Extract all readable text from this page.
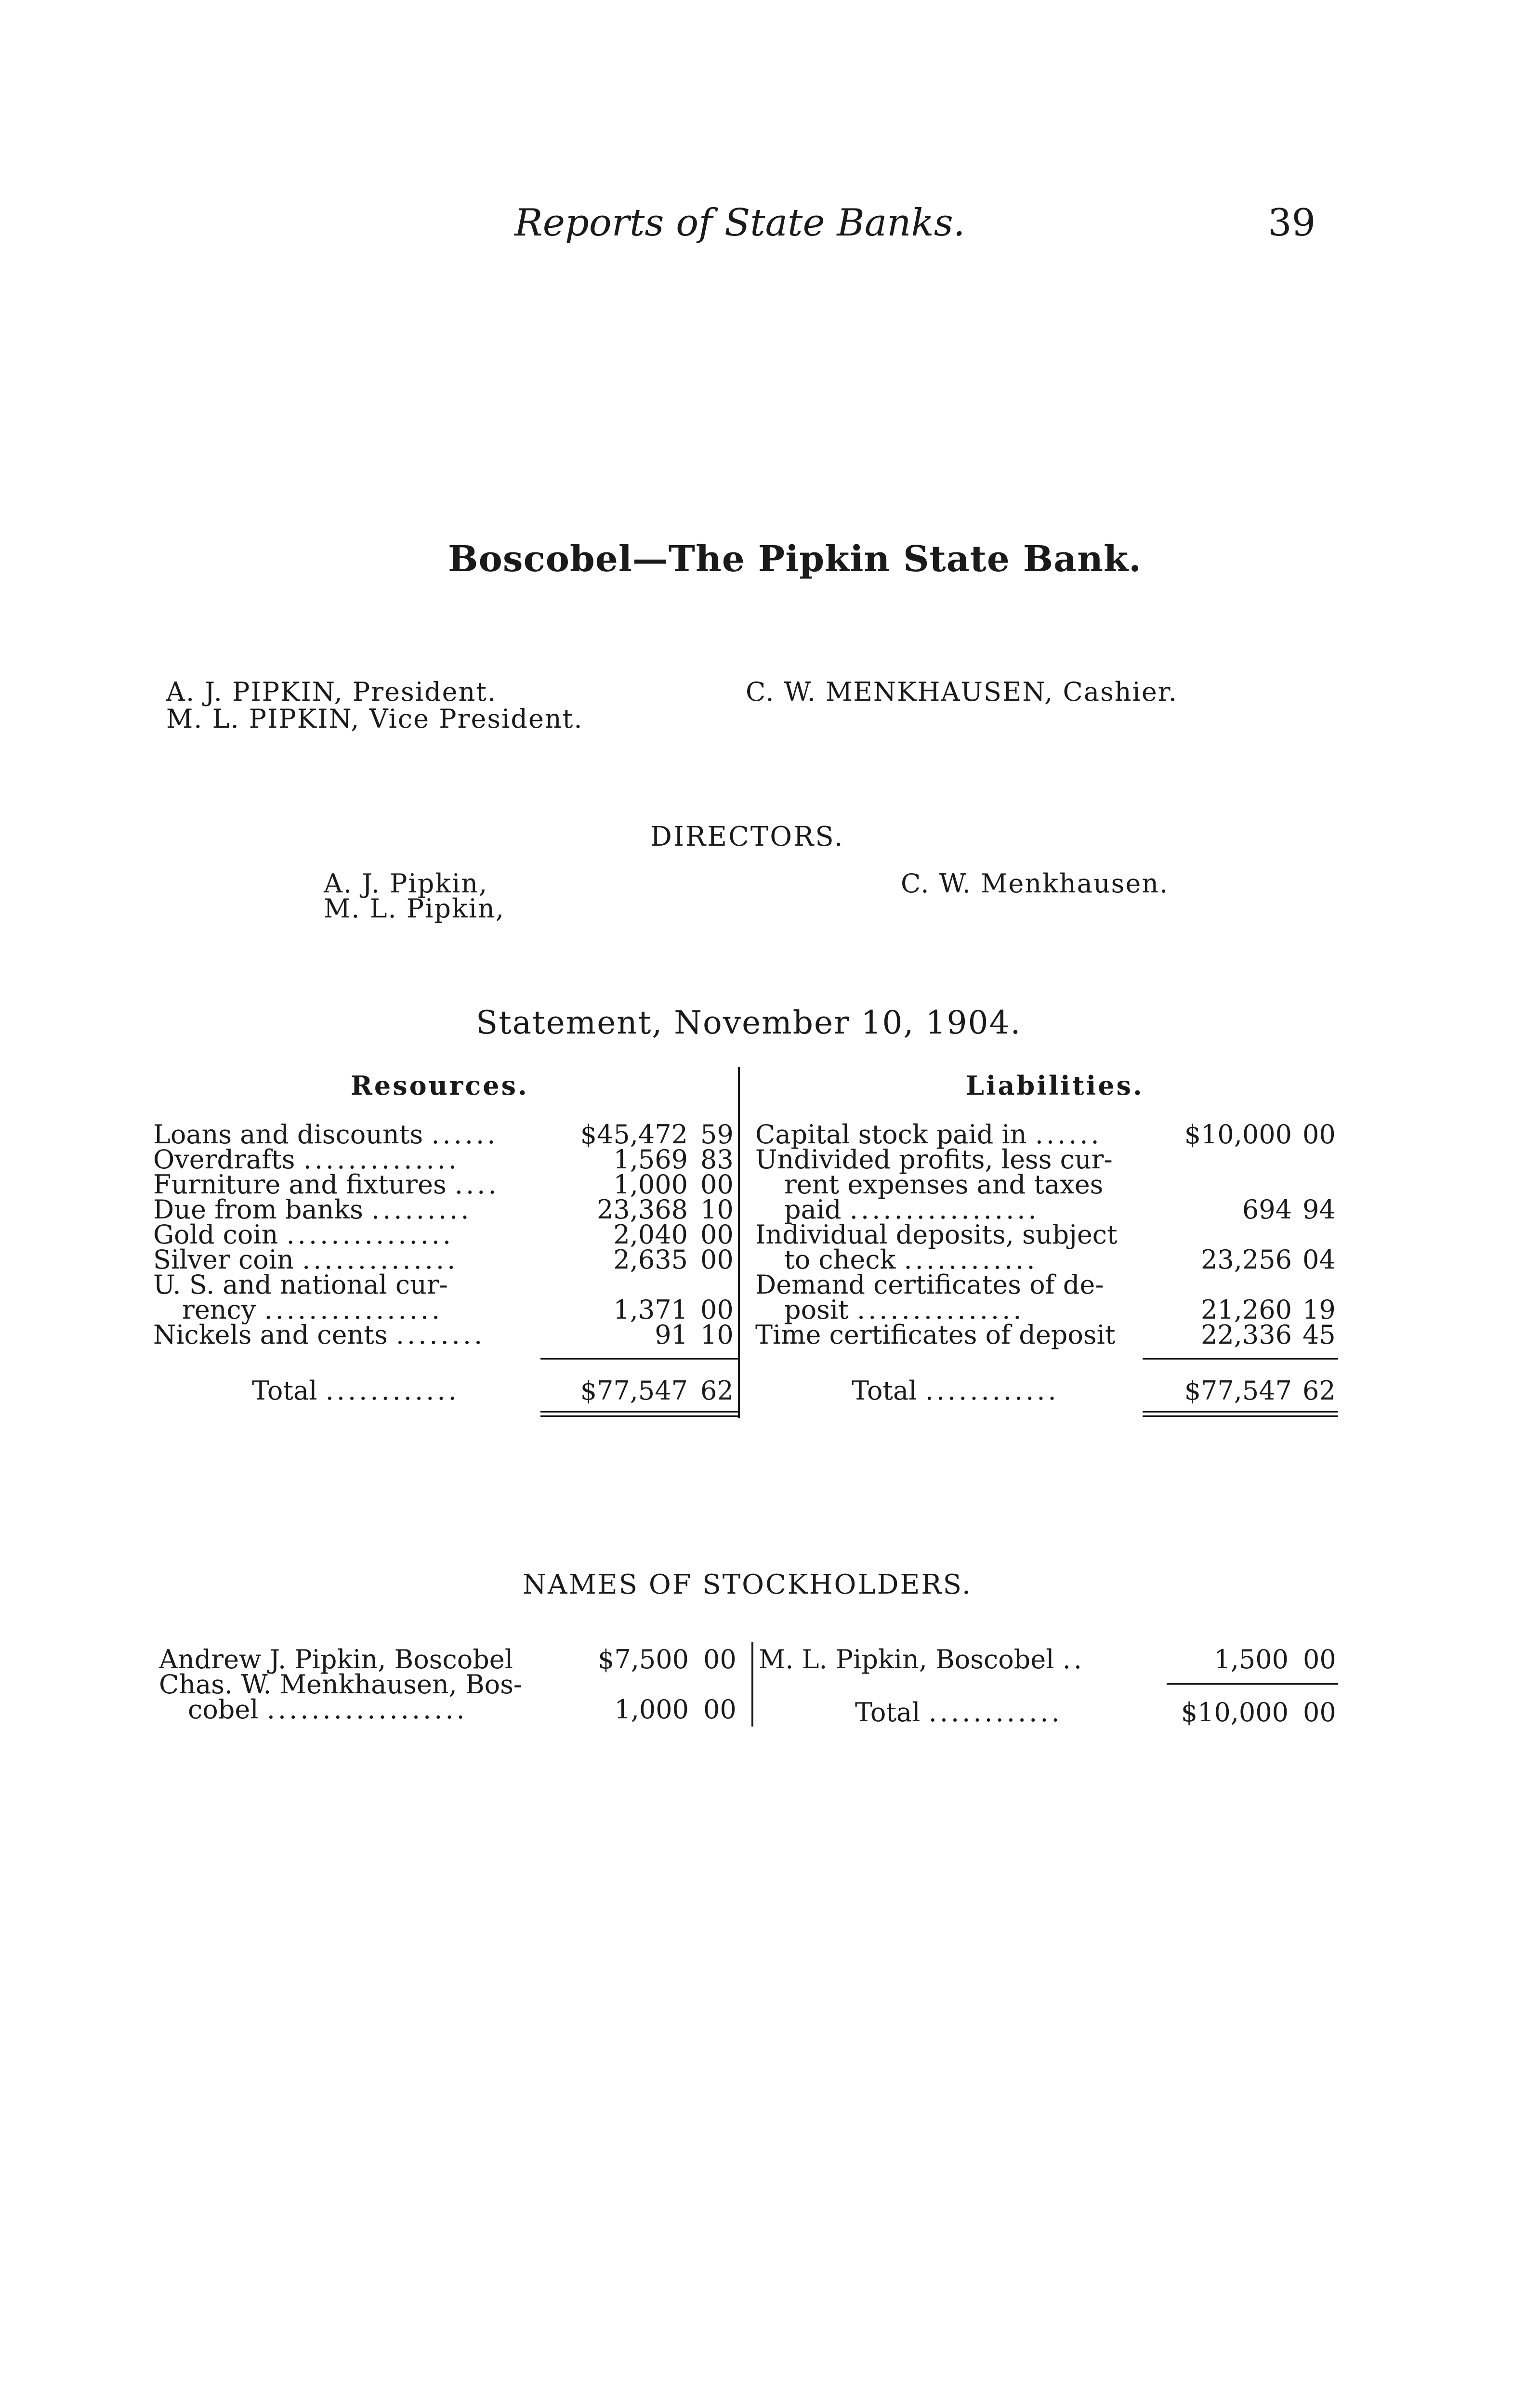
Reports of State Banks.	39
Boscobel—The Pipkin State Bank.
A. J. PIPKIN, President.
M. L. PIPKIN, Vice President.
C. W. MENKHAUSEN, Cashier.
DIRECTORS.
A. J. Pipkin,
M. L. Pipkin,
C. W. Menkhausen.
Statement, November 10, 1904.
Resources.	Liabilities.
Loans and discounts ......	$45,472 59
Overdrafts ..............	1,569 83
Furniture and fixtures ....	1,000 00
Due from banks .........	23,368 10
Gold coin ...............	2,040 00
Silver coin ..............	2,635 00
U. S. and national cur-
rency ................	1,371 00
Nickels and cents ........	91 10
Capital stock paid in ......	$10,000 00
Undivided profits, less cur-
rent expenses and taxes
paid .................	694 94
Individual deposits, subject
to check ............	23,256 04
Demand certificates of de-
posit ...............	21,260 19
Time certificates of deposit	22,336 45
Total ............	$77,547 62	Total ............	$77,547 62
NAMES OF STOCKHOLDERS.
Andrew J. Pipkin, Boscobel	$7,500 00
Chas. W. Menkhausen, Bos-
cobel ..................	1,000 00
M. L. Pipkin, Boscobel ..	1,500 00
Total ............	$10,000 00
